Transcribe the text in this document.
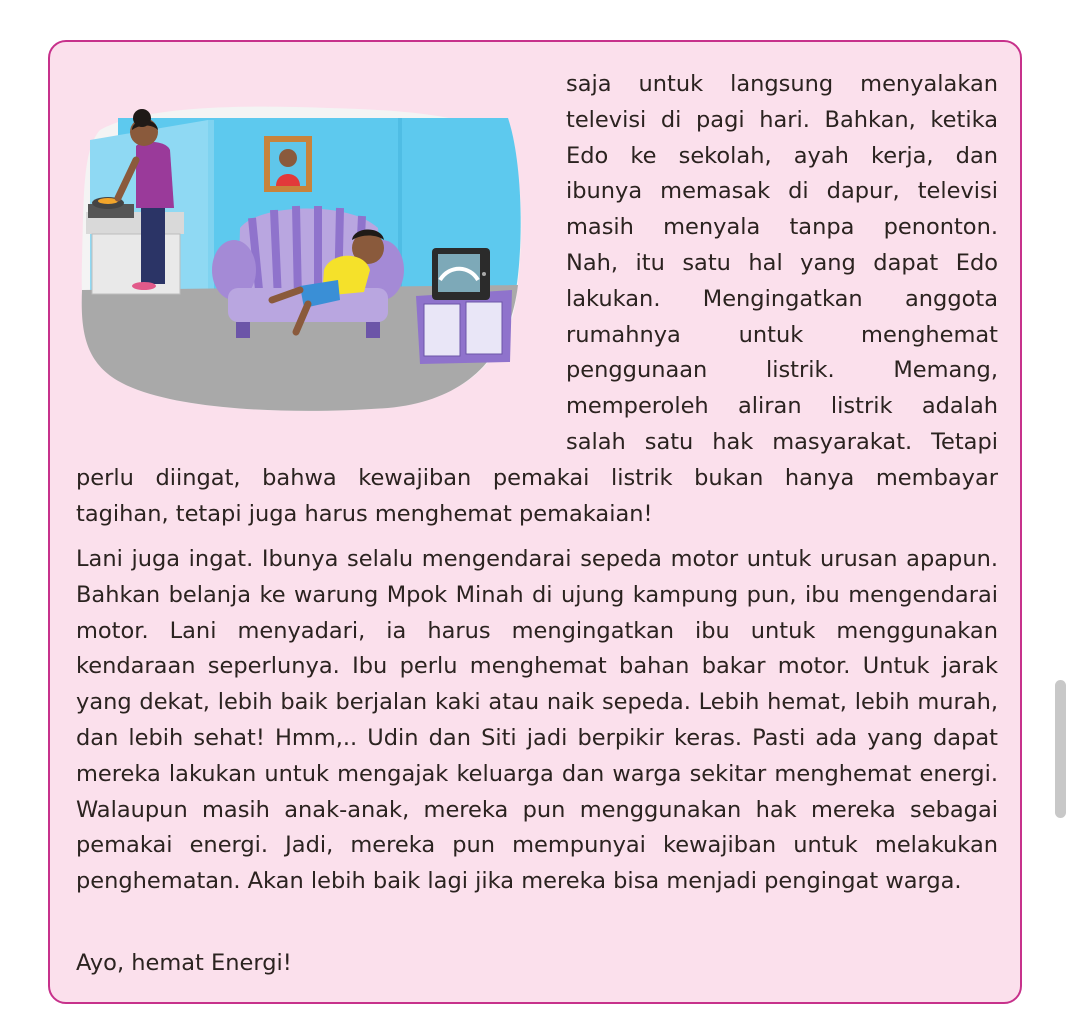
saja untuk langsung menyalakan
televisi di pagi hari. Bahkan, ketika
Edo ke sekolah, ayah kerja, dan
ibunya memasak di dapur, televisi
masih menyala tanpa penonton.
Nah, itu satu hal yang dapat Edo
lakukan. Mengingatkan anggota
rumahnya untuk menghemat
penggunaan listrik. Memang,
memperoleh aliran listrik adalah
salah satu hak masyarakat. Tetapi
perlu diingat, bahwa kewajiban pemakai listrik bukan hanya membayar
tagihan, tetapi juga harus menghemat pemakaian!

Lani juga ingat. Ibunya selalu mengendarai sepeda motor untuk urusan apapun. Bahkan belanja ke warung Mpok Minah di ujung kampung pun, ibu mengendarai motor. Lani menyadari, ia harus mengingatkan ibu untuk menggunakan kendaraan seperlunya. Ibu perlu menghemat bahan bakar motor. Untuk jarak yang dekat, lebih baik berjalan kaki atau naik sepeda. Lebih hemat, lebih murah, dan lebih sehat! Hmm,.. Udin dan Siti jadi berpikir keras. Pasti ada yang dapat mereka lakukan untuk mengajak keluarga dan warga sekitar menghemat energi. Walaupun masih anak-anak, mereka pun menggunakan hak mereka sebagai pemakai energi. Jadi, mereka pun mempunyai kewajiban untuk melakukan penghematan. Akan lebih baik lagi jika mereka bisa menjadi pengingat warga.

Ayo, hemat Energi!
